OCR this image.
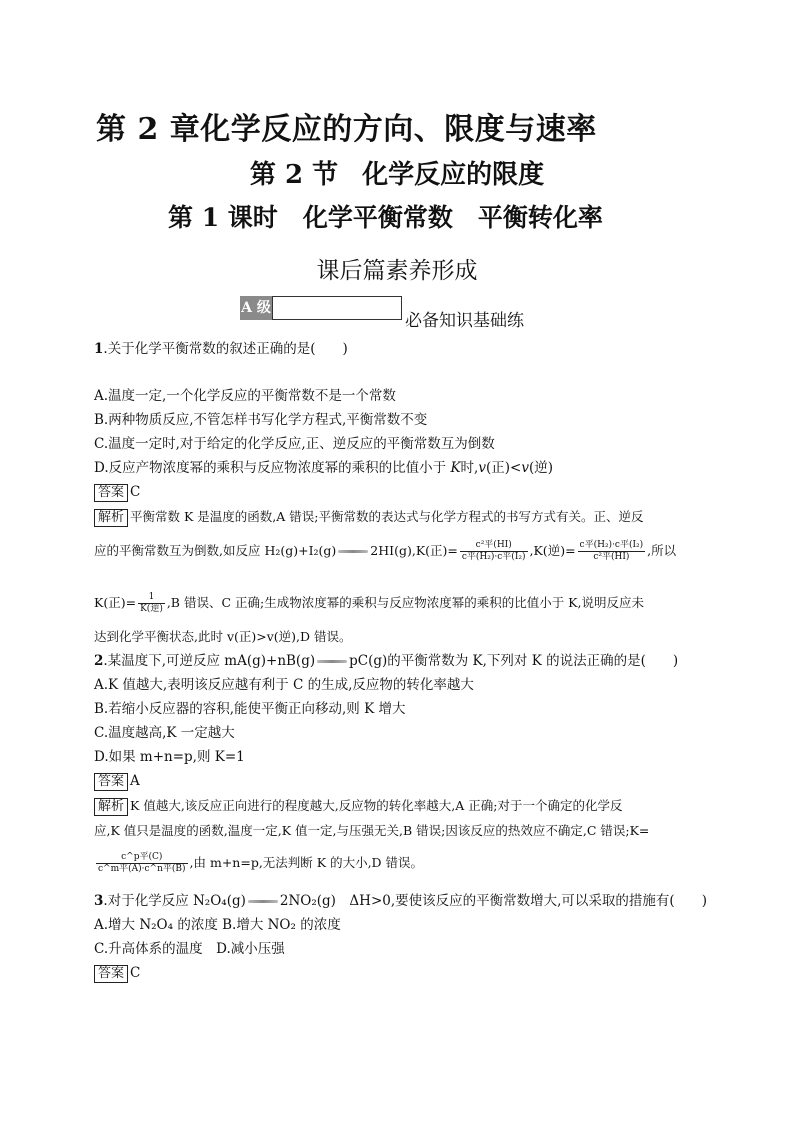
第 2 章化学反应的方向、限度与速率
第 2 节 化学反应的限度
第 1 课时　 化学平衡常数　平衡转化率
课后篇素养形成
A 级
必备知识基础练
1.关于化学平衡常数的叙述正确的是(　　)
A.温度一定,一个化学反应的平衡常数不是一个常数
B.两种物质反应,不管怎样书写化学方程式,平衡常数不变
C.温度一定时,对于给定的化学反应,正、逆反应的平衡常数互为倒数
D.反应产物浓度幂的乘积与反应物浓度幂的乘积的比值小于 K时,v(正)<v(逆)
答案 C
解析 平衡常数 K 是温度的函数,A 错误;平衡常数的表达式与化学方程式的书写方式有关。正、逆反
应的平衡常数互为倒数,如反应 H₂(g)+I₂(g)	2HI(g),K(正)= $\frac{\text{c²平(HI)}}{\text{c平(H₂)·c平(I₂)}} ,K$(逆)= $\frac{\text{c平(H₂)·c平(I₂)}}{\text{c²平(HI)}}$ ,所以
K(正)= $\frac{1}{\text{K(逆)}} ,B$ 错误、C 正确;生成物浓度幂的乘积与反应物浓度幂的乘积的比值小于 K,说明反应未
达到化学平衡状态,此时 v(正)>v(逆),D 错误。
2.某温度下,可逆反应 mA(g)+nB(g)	pC(g)的平衡常数为 K,下列对 K 的说法正确的是(　　)
A.K 值越大,表明该反应越有利于 C 的生成,反应物的转化率越大
B.若缩小反应器的容积,能使平衡正向移动,则 K 增大
C.温度越高,K 一定越大
D.如果 m+n=p,则 K=1
答案 A
解析 K 值越大,该反应正向进行的程度越大,反应物的转化率越大,A 正确;对于一个确定的化学反
应,K 值只是温度的函数,温度一定,K 值一定,与压强无关,B 错误;因该反应的热效应不确定,C 错误;K=
$\frac{\text{c\textasciicircum{}p平(C)}}{\text{c\textasciicircum{}m平(A)·c\textasciicircum{}n平(B)}}$ ,由 m+n=p,无法判断 K 的大小,D 错误。
3.对于化学反应 N₂O₄(g)	2NO₂(g)　ΔH>0,要使该反应的平衡常数增大,可以采取的措施有(　　)
A.增大 N₂O₄ 的浓度 B.增大 NO₂ 的浓度
C.升高体系的温度　D.减小压强
答案 C
